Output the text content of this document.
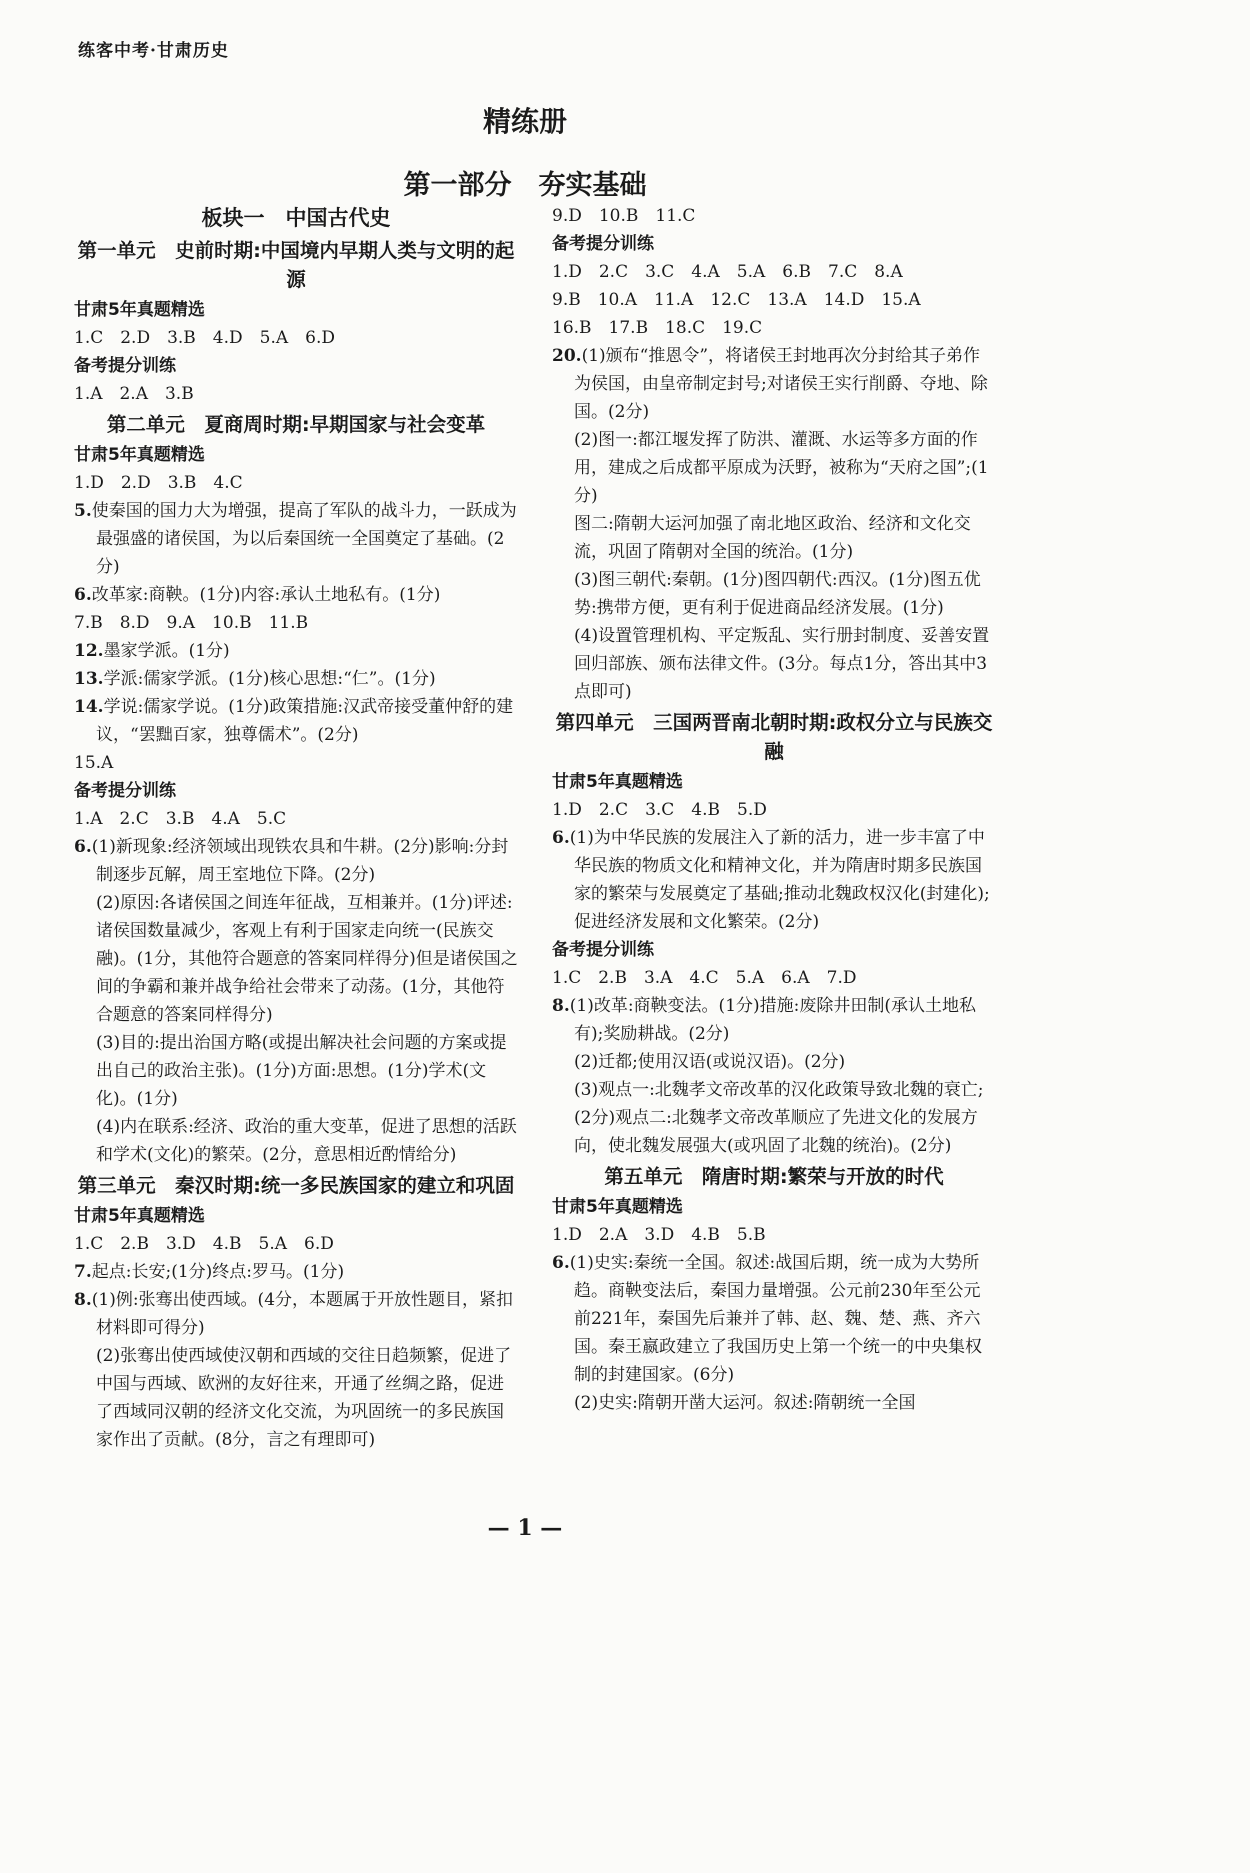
练客中考·甘肃历史
精练册
第一部分　夯实基础
板块一　中国古代史
第一单元　史前时期:中国境内早期人类与文明的起源
甘肃5年真题精选
1.C　2.D　3.B　4.D　5.A　6.D
备考提分训练
1.A　2.A　3.B
第二单元　夏商周时期:早期国家与社会变革
甘肃5年真题精选
1.D　2.D　3.B　4.C
5.使秦国的国力大为增强，提高了军队的战斗力，一跃成为最强盛的诸侯国，为以后秦国统一全国奠定了基础。(2分)
6.改革家:商鞅。(1分)内容:承认土地私有。(1分)
7.B　8.D　9.A　10.B　11.B
12.墨家学派。(1分)
13.学派:儒家学派。(1分)核心思想:“仁”。(1分)
14.学说:儒家学说。(1分)政策措施:汉武帝接受董仲舒的建议，“罢黜百家，独尊儒术”。(2分)
15.A
备考提分训练
1.A　2.C　3.B　4.A　5.C
6.(1)新现象:经济领域出现铁农具和牛耕。(2分)影响:分封制逐步瓦解，周王室地位下降。(2分)
(2)原因:各诸侯国之间连年征战，互相兼并。(1分)评述:诸侯国数量减少，客观上有利于国家走向统一(民族交融)。(1分，其他符合题意的答案同样得分)但是诸侯国之间的争霸和兼并战争给社会带来了动荡。(1分，其他符合题意的答案同样得分)
(3)目的:提出治国方略(或提出解决社会问题的方案或提出自己的政治主张)。(1分)方面:思想。(1分)学术(文化)。(1分)
(4)内在联系:经济、政治的重大变革，促进了思想的活跃和学术(文化)的繁荣。(2分，意思相近酌情给分)
第三单元　秦汉时期:统一多民族国家的建立和巩固
甘肃5年真题精选
1.C　2.B　3.D　4.B　5.A　6.D
7.起点:长安;(1分)终点:罗马。(1分)
8.(1)例:张骞出使西域。(4分，本题属于开放性题目，紧扣材料即可得分)
(2)张骞出使西域使汉朝和西域的交往日趋频繁，促进了中国与西域、欧洲的友好往来，开通了丝绸之路，促进了西域同汉朝的经济文化交流，为巩固统一的多民族国家作出了贡献。(8分，言之有理即可)
9.D　10.B　11.C
备考提分训练
1.D　2.C　3.C　4.A　5.A　6.B　7.C　8.A
9.B　10.A　11.A　12.C　13.A　14.D　15.A
16.B　17.B　18.C　19.C
20.(1)颁布“推恩令”，将诸侯王封地再次分封给其子弟作为侯国，由皇帝制定封号;对诸侯王实行削爵、夺地、除国。(2分)
(2)图一:都江堰发挥了防洪、灌溉、水运等多方面的作用，建成之后成都平原成为沃野，被称为“天府之国”;(1分)
图二:隋朝大运河加强了南北地区政治、经济和文化交流，巩固了隋朝对全国的统治。(1分)
(3)图三朝代:秦朝。(1分)图四朝代:西汉。(1分)图五优势:携带方便，更有利于促进商品经济发展。(1分)
(4)设置管理机构、平定叛乱、实行册封制度、妥善安置回归部族、颁布法律文件。(3分。每点1分，答出其中3点即可)
第四单元　三国两晋南北朝时期:政权分立与民族交融
甘肃5年真题精选
1.D　2.C　3.C　4.B　5.D
6.(1)为中华民族的发展注入了新的活力，进一步丰富了中华民族的物质文化和精神文化，并为隋唐时期多民族国家的繁荣与发展奠定了基础;推动北魏政权汉化(封建化);促进经济发展和文化繁荣。(2分)
备考提分训练
1.C　2.B　3.A　4.C　5.A　6.A　7.D
8.(1)改革:商鞅变法。(1分)措施:废除井田制(承认土地私有);奖励耕战。(2分)
(2)迁都;使用汉语(或说汉语)。(2分)
(3)观点一:北魏孝文帝改革的汉化政策导致北魏的衰亡;(2分)观点二:北魏孝文帝改革顺应了先进文化的发展方向，使北魏发展强大(或巩固了北魏的统治)。(2分)
第五单元　隋唐时期:繁荣与开放的时代
甘肃5年真题精选
1.D　2.A　3.D　4.B　5.B
6.(1)史实:秦统一全国。叙述:战国后期，统一成为大势所趋。商鞅变法后，秦国力量增强。公元前230年至公元前221年，秦国先后兼并了韩、赵、魏、楚、燕、齐六国。秦王嬴政建立了我国历史上第一个统一的中央集权制的封建国家。(6分)
(2)史实:隋朝开凿大运河。叙述:隋朝统一全国
— 1 —
